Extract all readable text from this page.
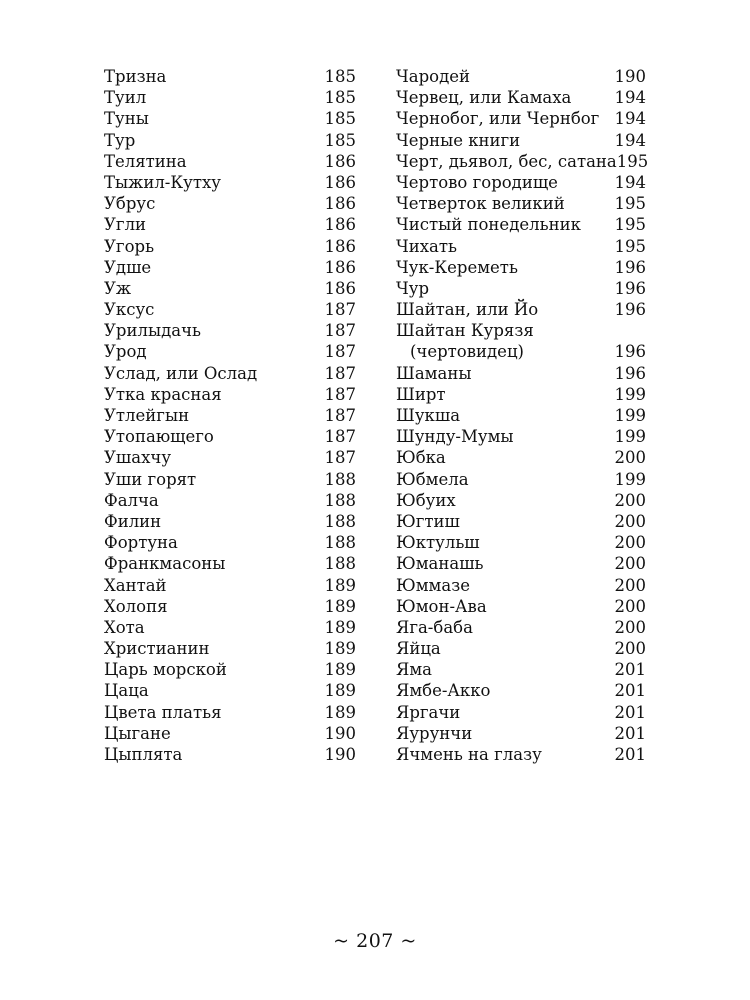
Тризна	185
Туил	185
Туны	185
Тур	185
Телятина	186
Тыжил-Кутху	186
Убрус	186
Угли	186
Угорь	186
Удше	186
Уж	186
Уксус	187
Урилыдачь	187
Урод	187
Услад, или Ослад	187
Утка красная	187
Утлейгын	187
Утопающего	187
Ушахчу	187
Уши горят	188
Фалча	188
Филин	188
Фортуна	188
Франкмасоны	188
Хантай	189
Холопя	189
Хота	189
Христианин	189
Царь морской	189
Цаца	189
Цвета платья	189
Цыгане	190
Цыплята	190
Чародей	190
Червец, или Камаха	194
Чернобог, или Чернбог 194
Черные книги	194
Черт, дьявол, бес, сатана 195
Чертово городище	194
Четверток великий	195
Чистый понедельник 195
Чихать	195
Чук-Кереметь	196
Чур	196
Шайтан, или Йо	196
Шайтан Курязя
(чертовидец)	196
Шаманы	196
Ширт	199
Шукша	199
Шунду-Мумы	199
Юбка	200
Юбмела	199
Юбуих	200
Югтиш	200
Юктульш	200
Юманашь	200
Юммазе	200
Юмон-Ава	200
Яга-баба	200
Яйца	200
Яма	201
Ямбе-Акко	201
Яргачи	201
Яурунчи	201
Ячмень на глазу	201
~ 207 ~
